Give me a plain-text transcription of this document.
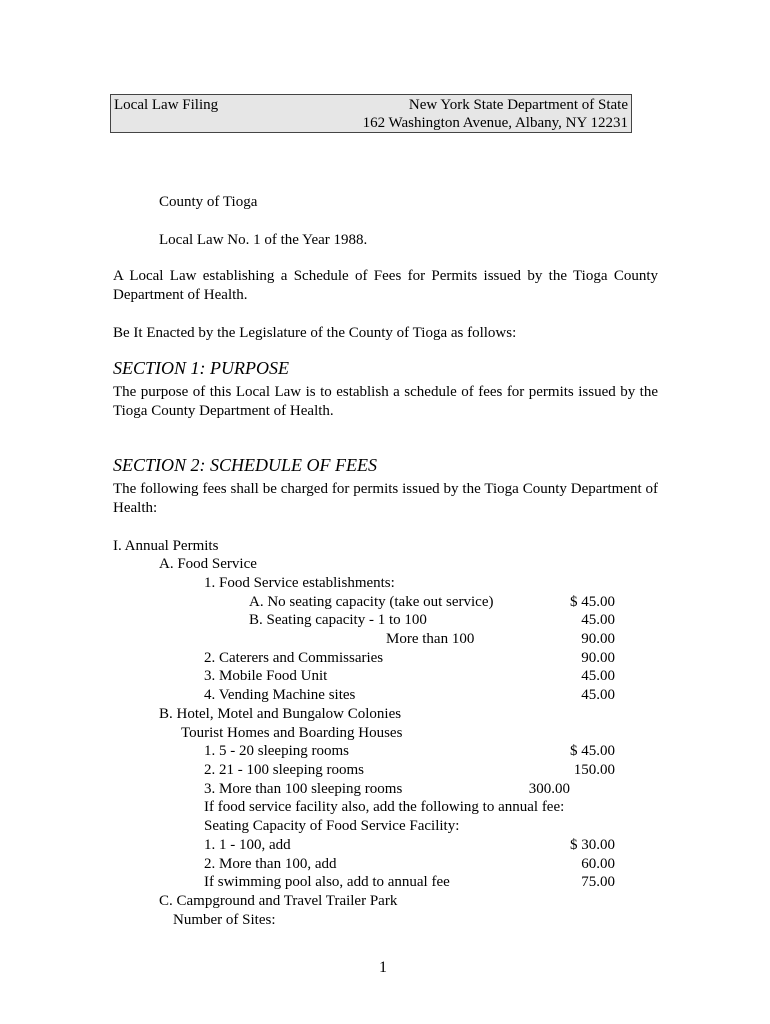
Local Law Filing	New York State Department of State
162 Washington Avenue, Albany, NY 12231
County of Tioga
Local Law No. 1 of the Year 1988.
A Local Law establishing a Schedule of Fees for Permits issued by the Tioga County Department of Health.
Be It Enacted by the Legislature of the County of Tioga as follows:
SECTION 1: PURPOSE
The purpose of this Local Law is to establish a schedule of fees for permits issued by the Tioga County Department of Health.
SECTION 2: SCHEDULE OF FEES
The following fees shall be charged for permits issued by the Tioga County Department of Health:
I. Annual Permits
A. Food Service
1. Food Service establishments:
A. No seating capacity (take out service)	$ 45.00
B. Seating capacity - 1 to 100	45.00
More than 100	90.00
2. Caterers and Commissaries	90.00
3. Mobile Food Unit	45.00
4. Vending Machine sites	45.00
B. Hotel, Motel and Bungalow Colonies
Tourist Homes and Boarding Houses
1. 5 - 20 sleeping rooms	$ 45.00
2. 21 - 100 sleeping rooms	150.00
3. More than 100 sleeping rooms	300.00
If food service facility also, add the following to annual fee:
Seating Capacity of Food Service Facility:
1. 1 - 100, add	$ 30.00
2. More than 100, add	60.00
If swimming pool also, add to annual fee	75.00
C. Campground and Travel Trailer Park
Number of Sites:
1
